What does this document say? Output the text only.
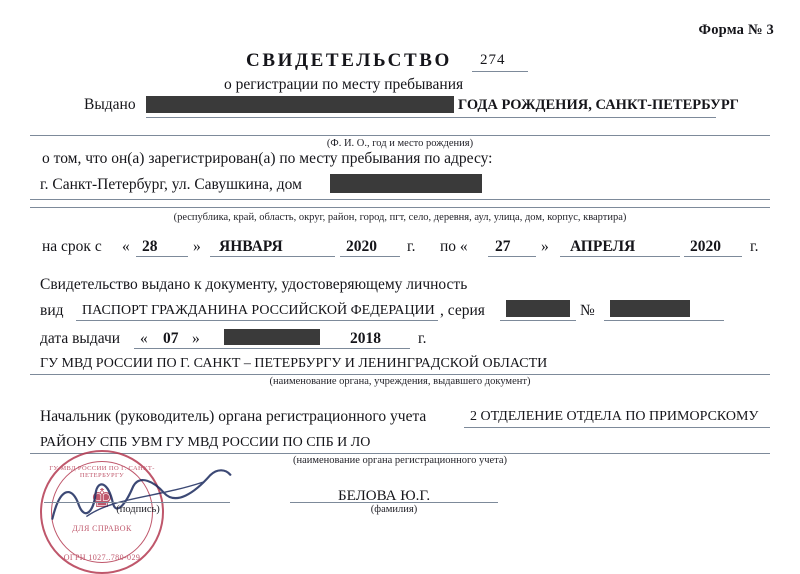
Форма № 3
СВИДЕТЕЛЬСТВО 274
о регистрации по месту пребывания
Выдано	ГОДА РОЖДЕНИЯ, САНКТ-ПЕТЕРБУРГ
(Ф. И. О., год и место рождения)
о том, что он(а) зарегистрирован(а) по месту пребывания по адресу:
г. Санкт-Петербург, ул. Савушкина, дом
(республика, край, область, округ, район, город, пгт, село, деревня, аул, улица, дом, корпус, квартира)
на срок с « 28 » ЯНВАРЯ	2020 г. по « 27 » АПРЕЛЯ	2020 г.
Свидетельство выдано к документу, удостоверяющему личность
вид ПАСПОРТ ГРАЖДАНИНА РОССИЙСКОЙ ФЕДЕРАЦИИ , серия	№
дата выдачи « 07 »	2018 г.
ГУ МВД РОССИИ ПО Г. САНКТ – ПЕТЕРБУРГУ И ЛЕНИНГРАДСКОЙ ОБЛАСТИ
(наименование органа, учреждения, выдавшего документ)
Начальник (руководитель) органа регистрационного учета	2 ОТДЕЛЕНИЕ ОТДЕЛА ПО ПРИМОРСКОМУ
РАЙОНУ СПБ УВМ ГУ МВД РОССИИ ПО СПБ И ЛО
(наименование органа регистрационного учета)
ГУ МВД РОССИИ ПО Г. САНКТ-ПЕТЕРБУРГУ
♚
ДЛЯ СПРАВОК
ОГРН 1027..780-029
(подпись)
БЕЛОВА Ю.Г.
(фамилия)
